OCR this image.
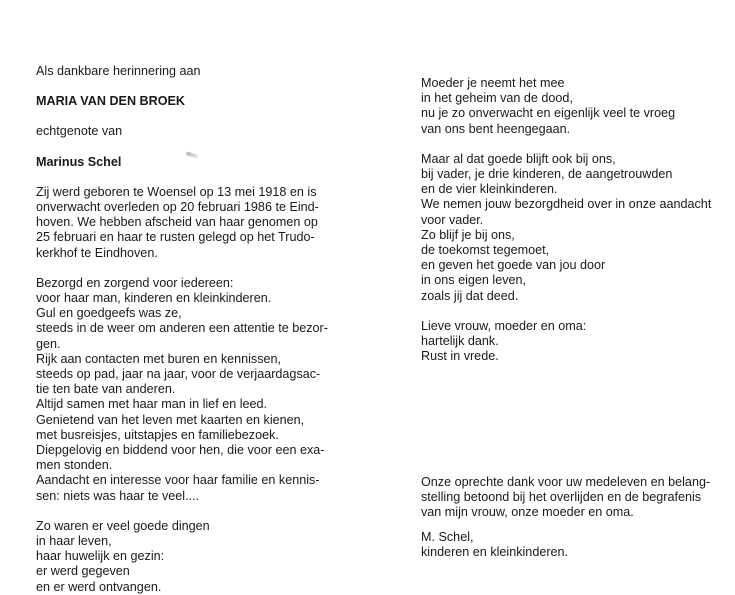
Als dankbare herinnering aan
MARIA VAN DEN BROEK
echtgenote van
Marinus Schel
Zij werd geboren te Woensel op 13 mei 1918 en is
onverwacht overleden op 20 februari 1986 te Eind-
hoven. We hebben afscheid van haar genomen op
25 februari en haar te rusten gelegd op het Trudo-
kerkhof te Eindhoven.
Bezorgd en zorgend voor iedereen:
voor haar man, kinderen en kleinkinderen.
Gul en goedgeefs was ze,
steeds in de weer om anderen een attentie te bezor-
gen.
Rijk aan contacten met buren en kennissen,
steeds op pad, jaar na jaar, voor de verjaardagsac-
tie ten bate van anderen.
Altijd samen met haar man in lief en leed.
Genietend van het leven met kaarten en kienen,
met busreisjes, uitstapjes en familiebezoek.
Diepgelovig en biddend voor hen, die voor een exa-
men stonden.
Aandacht en interesse voor haar familie en kennis-
sen: niets was haar te veel....
Zo waren er veel goede dingen
in haar leven,
haar huwelijk en gezin:
er werd gegeven
en er werd ontvangen.
Moeder je neemt het mee
in het geheim van de dood,
nu je zo onverwacht en eigenlijk veel te vroeg
van ons bent heengegaan.
Maar al dat goede blijft ook bij ons,
bij vader, je drie kinderen, de aangetrouwden
en de vier kleinkinderen.
We nemen jouw bezorgdheid over in onze aandacht
voor vader.
Zo blijf je bij ons,
de toekomst tegemoet,
en geven het goede van jou door
in ons eigen leven,
zoals jij dat deed.
Lieve vrouw, moeder en oma:
hartelijk dank.
Rust in vrede.
Onze oprechte dank voor uw medeleven en belang-
stelling betoond bij het overlijden en de begrafenis
van mijn vrouw, onze moeder en oma.
M. Schel,
kinderen en kleinkinderen.
